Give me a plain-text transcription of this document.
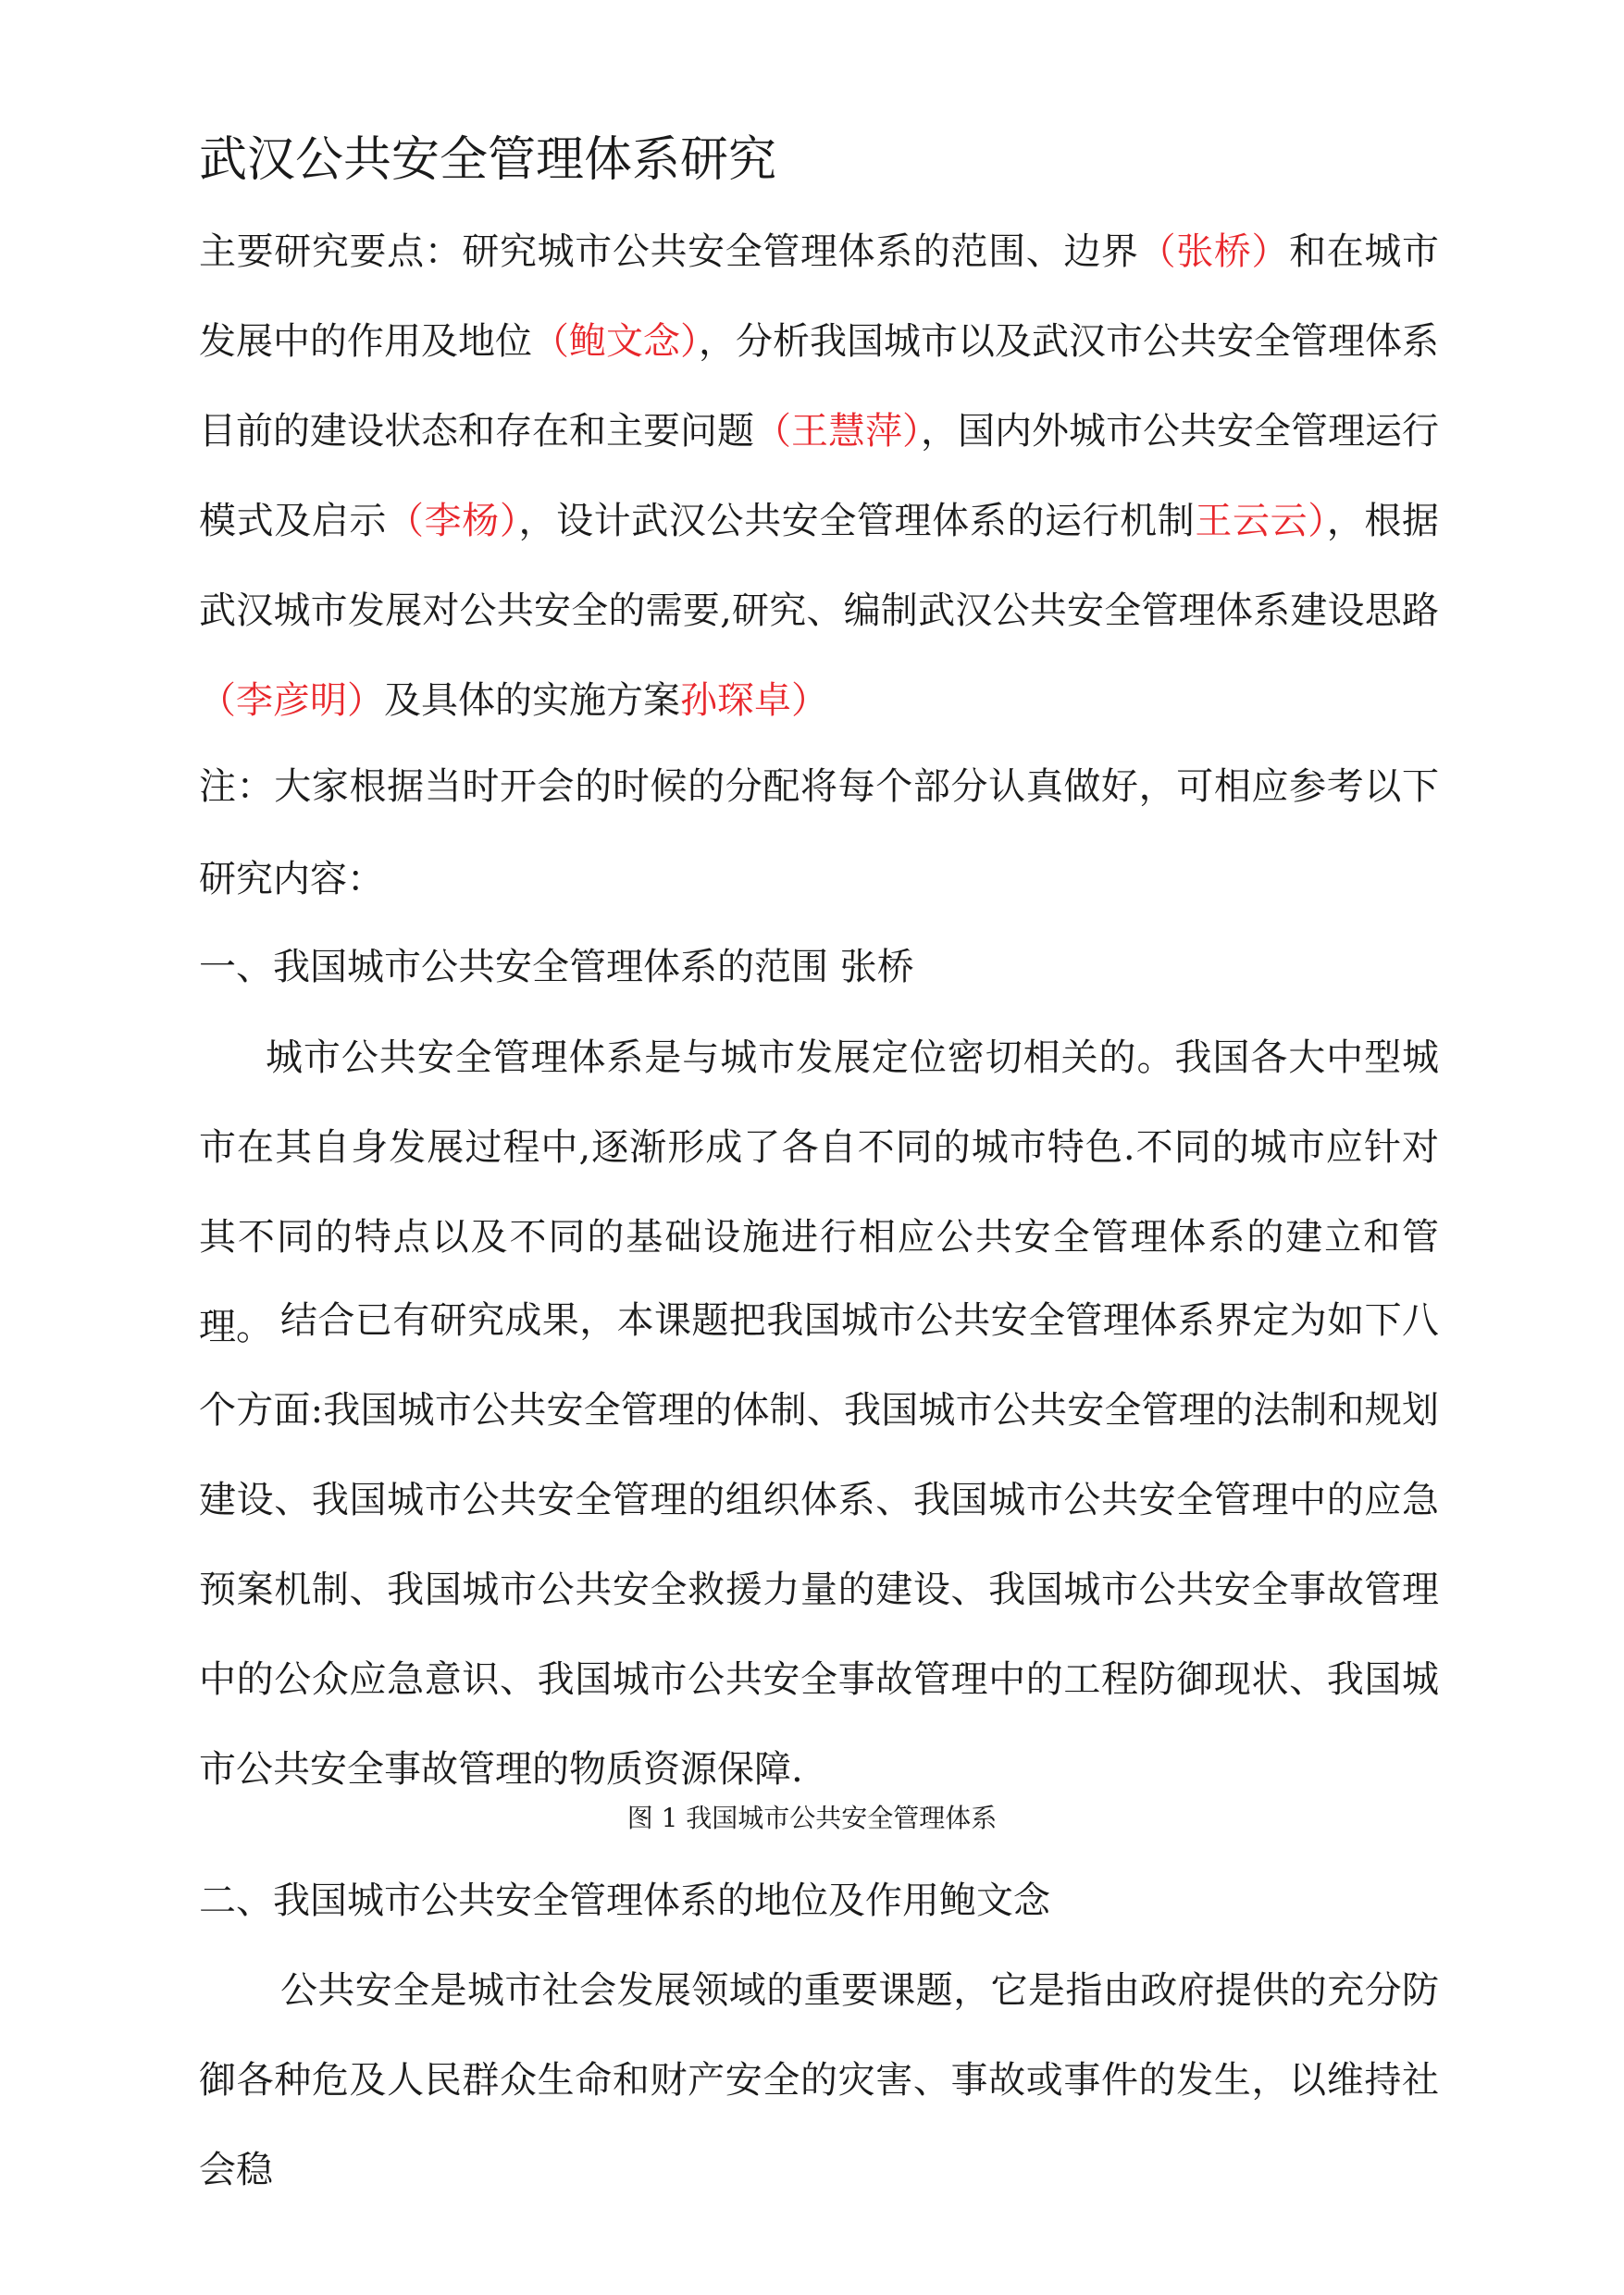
武汉公共安全管理体系研究
主要研究要点：研究城市公共安全管理体系的范围、边界（张桥）和在城市发展中的作用及地位（鲍文念），分析我国城市以及武汉市公共安全管理体系目前的建设状态和存在和主要问题（王慧萍），国内外城市公共安全管理运行模式及启示（李杨），设计武汉公共安全管理体系的运行机制王云云），根据武汉城市发展对公共安全的需要,研究、编制武汉公共安全管理体系建设思路（李彦明）及具体的实施方案孙琛卓）
注：大家根据当时开会的时候的分配将每个部分认真做好，可相应参考以下研究内容：
一、我国城市公共安全管理体系的范围 张桥
城市公共安全管理体系是与城市发展定位密切相关的。我国各大中型城市在其自身发展过程中,逐渐形成了各自不同的城市特色.不同的城市应针对其不同的特点以及不同的基础设施进行相应公共安全管理体系的建立和管理。 结合已有研究成果，本课题把我国城市公共安全管理体系界定为如下八个方面:我国城市公共安全管理的体制、我国城市公共安全管理的法制和规划建设、我国城市公共安全管理的组织体系、我国城市公共安全管理中的应急预案机制、我国城市公共安全救援力量的建设、我国城市公共安全事故管理中的公众应急意识、我国城市公共安全事故管理中的工程防御现状、我国城市公共安全事故管理的物质资源保障.
图 1 我国城市公共安全管理体系
二、我国城市公共安全管理体系的地位及作用鲍文念
公共安全是城市社会发展领域的重要课题，它是指由政府提供的充分防御各种危及人民群众生命和财产安全的灾害、事故或事件的发生，以维持社会稳
